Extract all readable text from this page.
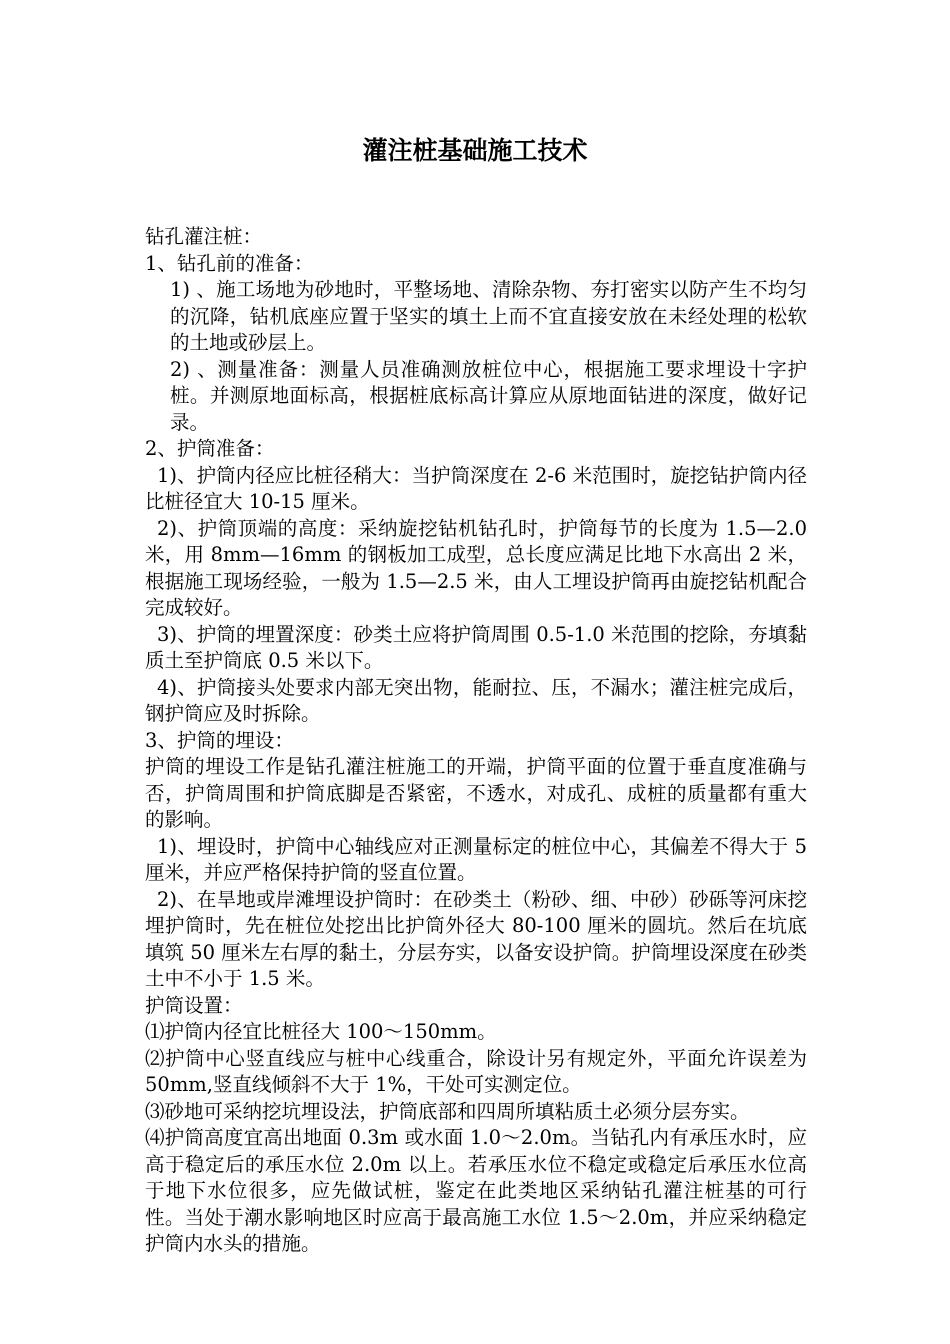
灌注桩基础施工技术

钻孔灌注桩：

1、钻孔前的准备：

1) 、施工场地为砂地时，平整场地、清除杂物、夯打密实以防产生不均匀的沉降，钻机底座应置于坚实的填土上而不宜直接安放在未经处理的松软的土地或砂层上。

2) 、测量准备：测量人员准确测放桩位中心，根据施工要求埋设十字护桩。并测原地面标高，根据桩底标高计算应从原地面钻进的深度，做好记录。

2、护筒准备：

1)、护筒内径应比桩径稍大：当护筒深度在 2-6 米范围时，旋挖钻护筒内径比桩径宜大 10-15 厘米。

2)、护筒顶端的高度：采纳旋挖钻机钻孔时，护筒每节的长度为 1.5—2.0 米，用 8mm—16mm 的钢板加工成型，总长度应满足比地下水高出 2 米，根据施工现场经验，一般为 1.5—2.5 米，由人工埋设护筒再由旋挖钻机配合完成较好。

3)、护筒的埋置深度：砂类土应将护筒周围 0.5-1.0 米范围的挖除，夯填黏质土至护筒底 0.5 米以下。

4)、护筒接头处要求内部无突出物，能耐拉、压，不漏水；灌注桩完成后，钢护筒应及时拆除。

3、护筒的埋设：

护筒的埋设工作是钻孔灌注桩施工的开端，护筒平面的位置于垂直度准确与否，护筒周围和护筒底脚是否紧密，不透水，对成孔、成桩的质量都有重大的影响。

1)、埋设时，护筒中心轴线应对正测量标定的桩位中心，其偏差不得大于 5 厘米，并应严格保持护筒的竖直位置。

2)、在旱地或岸滩埋设护筒时：在砂类土（粉砂、细、中砂）砂砾等河床挖埋护筒时，先在桩位处挖出比护筒外径大 80-100 厘米的圆坑。然后在坑底填筑 50 厘米左右厚的黏土，分层夯实，以备安设护筒。护筒埋设深度在砂类土中不小于 1.5 米。

护筒设置：

⑴护筒内径宜比桩径大 100～150mm。

⑵护筒中心竖直线应与桩中心线重合，除设计另有规定外，平面允许误差为 50mm,竖直线倾斜不大于 1%，干处可实测定位。

⑶砂地可采纳挖坑埋设法，护筒底部和四周所填粘质土必须分层夯实。

⑷护筒高度宜高出地面 0.3m 或水面 1.0～2.0m。当钻孔内有承压水时，应高于稳定后的承压水位 2.0m 以上。若承压水位不稳定或稳定后承压水位高于地下水位很多，应先做试桩，鉴定在此类地区采纳钻孔灌注桩基的可行性。当处于潮水影响地区时应高于最高施工水位 1.5～2.0m，并应采纳稳定护筒内水头的措施。
